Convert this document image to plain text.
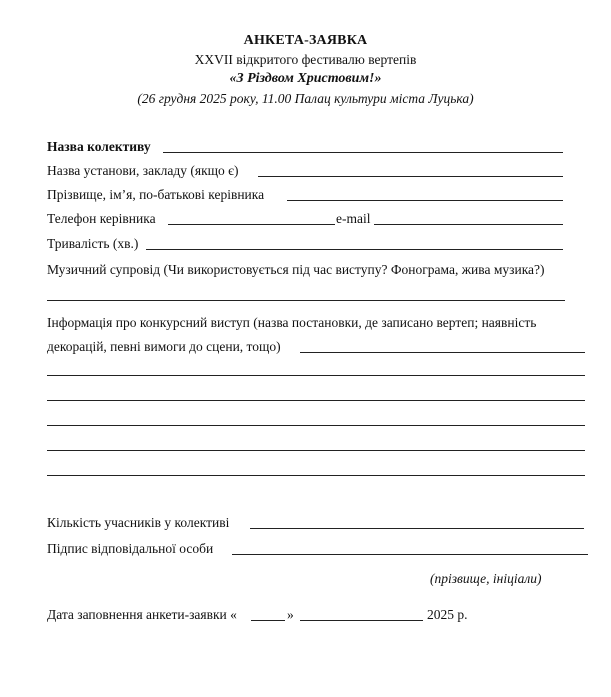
АНКЕТА-ЗАЯВКА
XXVII відкритого фестивалю вертепів
«З Різдвом Христовим!»
(26 грудня 2025 року, 11.00 Палац культури міста Луцька)
Назва колективу
Назва установи, закладу (якщо є)
Прізвище, ім’я, по-батькові керівника
Телефон керівника	e-mail
Тривалість (хв.)
Музичний супровід (Чи використовується під час виступу? Фонограма, жива музика?)
Інформація про конкурсний виступ (назва постановки, де записано вертеп; наявність
декорацій, певні вимоги до сцени, тощо)
Кількість учасників у колективі
Підпис відповідальної особи
(прізвище, ініціали)
Дата заповнення анкети-заявки «	»	2025 р.
